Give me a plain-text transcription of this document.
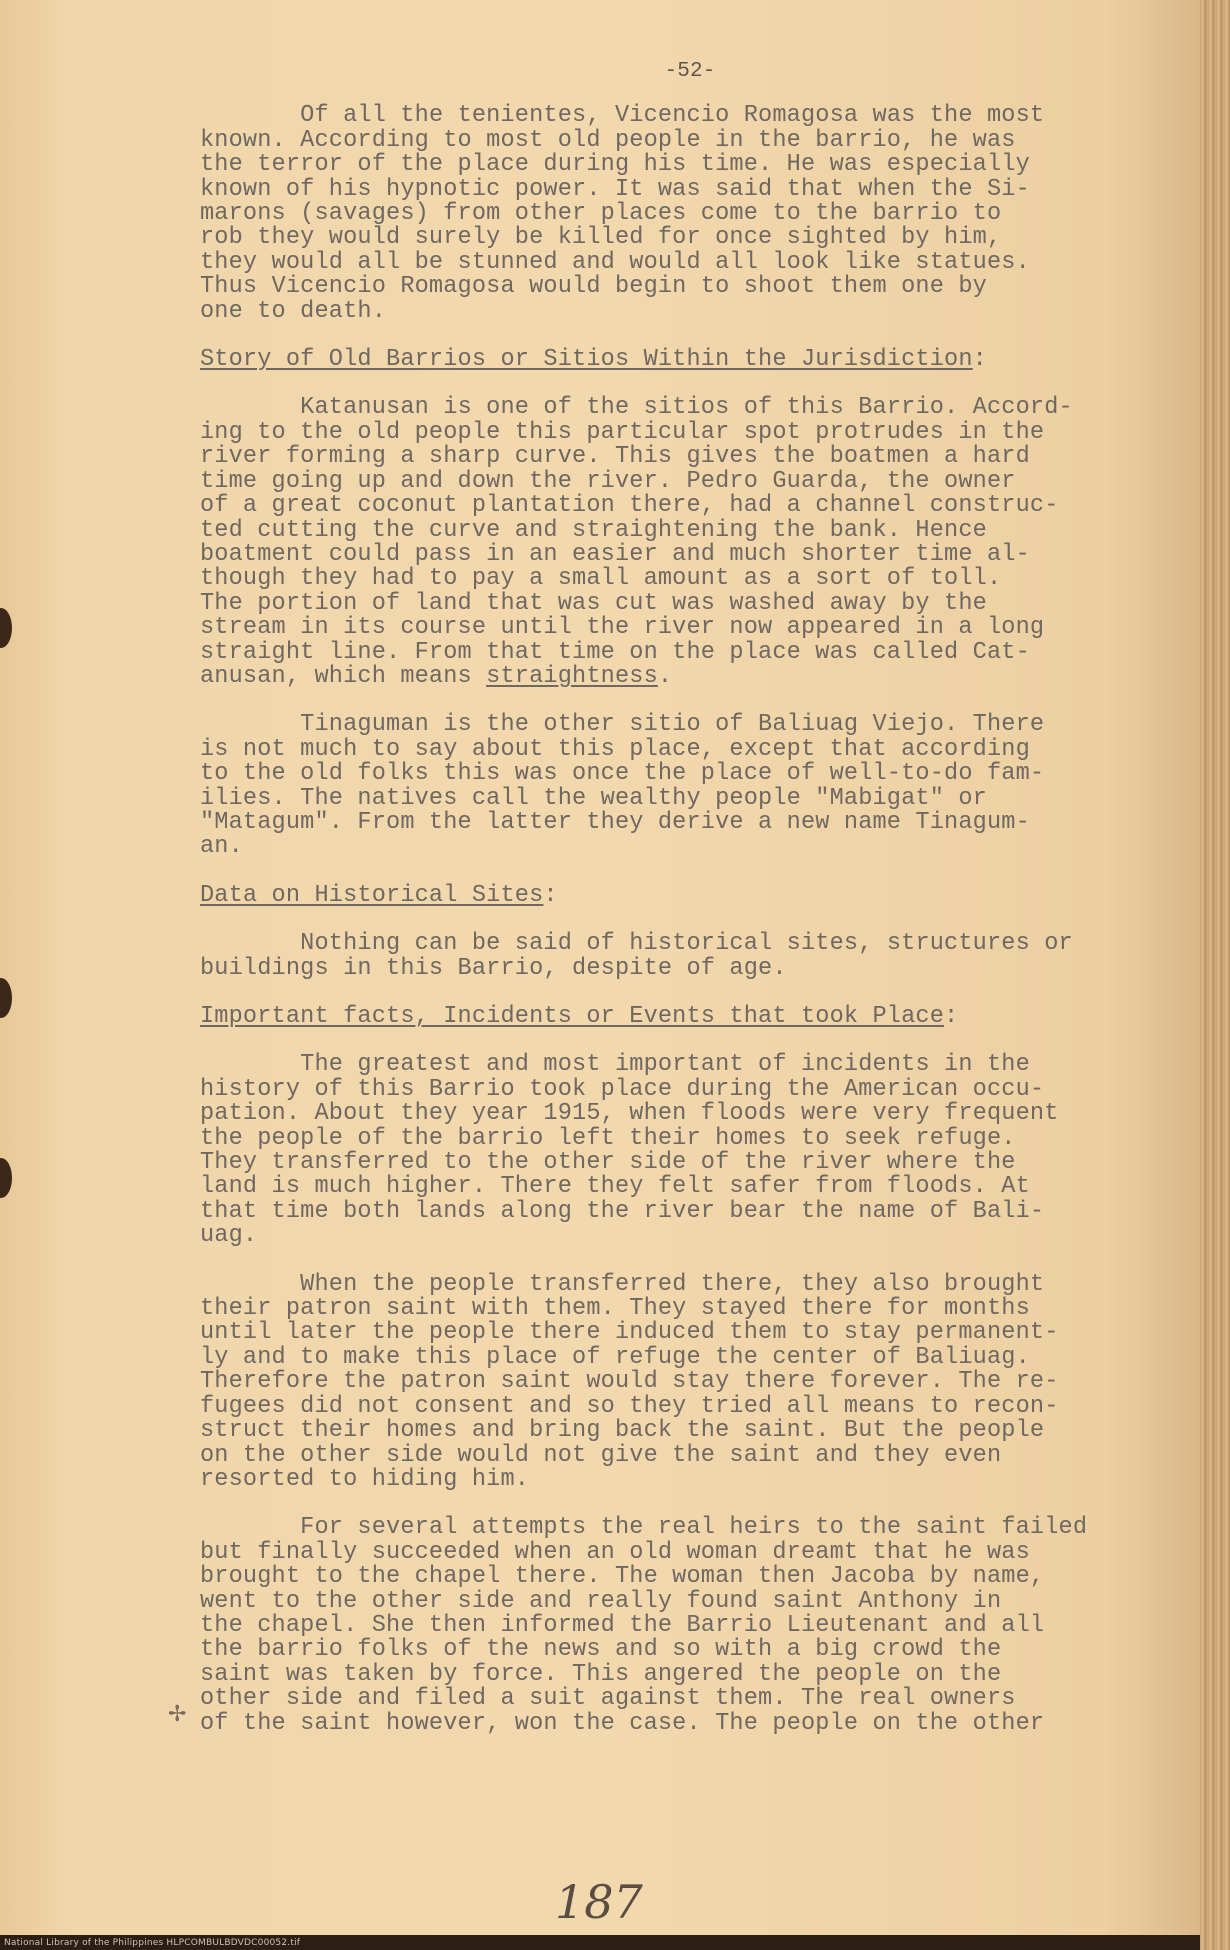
✢
-52-
Of all the tenientes, Vicencio Romagosa was the most
known. According to most old people in the barrio, he was
the terror of the place during his time. He was especially
known of his hypnotic power. It was said that when the Si-
marons (savages) from other places come to the barrio to
rob they would surely be killed for once sighted by him,
they would all be stunned and would all look like statues.
Thus Vicencio Romagosa would begin to shoot them one by
one to death.
Story of Old Barrios or Sitios Within the Jurisdiction:
Katanusan is one of the sitios of this Barrio. Accord-
ing to the old people this particular spot protrudes in the
river forming a sharp curve. This gives the boatmen a hard
time going up and down the river. Pedro Guarda, the owner
of a great coconut plantation there, had a channel construc-
ted cutting the curve and straightening the bank. Hence
boatment could pass in an easier and much shorter time al-
though they had to pay a small amount as a sort of toll.
The portion of land that was cut was washed away by the
stream in its course until the river now appeared in a long
straight line. From that time on the place was called Cat-
anusan, which means straightness.
Tinaguman is the other sitio of Baliuag Viejo. There
is not much to say about this place, except that according
to the old folks this was once the place of well-to-do fam-
ilies. The natives call the wealthy people "Mabigat" or
"Matagum". From the latter they derive a new name Tinagum-
an.
Data on Historical Sites:
Nothing can be said of historical sites, structures or
buildings in this Barrio, despite of age.
Important facts, Incidents or Events that took Place:
The greatest and most important of incidents in the
history of this Barrio took place during the American occu-
pation. About they year 1915, when floods were very frequent
the people of the barrio left their homes to seek refuge.
They transferred to the other side of the river where the
land is much higher. There they felt safer from floods. At
that time both lands along the river bear the name of Bali-
uag.
When the people transferred there, they also brought
their patron saint with them. They stayed there for months
until later the people there induced them to stay permanent-
ly and to make this place of refuge the center of Baliuag.
Therefore the patron saint would stay there forever. The re-
fugees did not consent and so they tried all means to recon-
struct their homes and bring back the saint. But the people
on the other side would not give the saint and they even
resorted to hiding him.
For several attempts the real heirs to the saint failed
but finally succeeded when an old woman dreamt that he was
brought to the chapel there. The woman then Jacoba by name,
went to the other side and really found saint Anthony in
the chapel. She then informed the Barrio Lieutenant and all
the barrio folks of the news and so with a big crowd the
saint was taken by force. This angered the people on the
other side and filed a suit against them. The real owners
of the saint however, won the case. The people on the other
187
National Library of the Philippines HLPCOMBULBDVDC00052.tif
